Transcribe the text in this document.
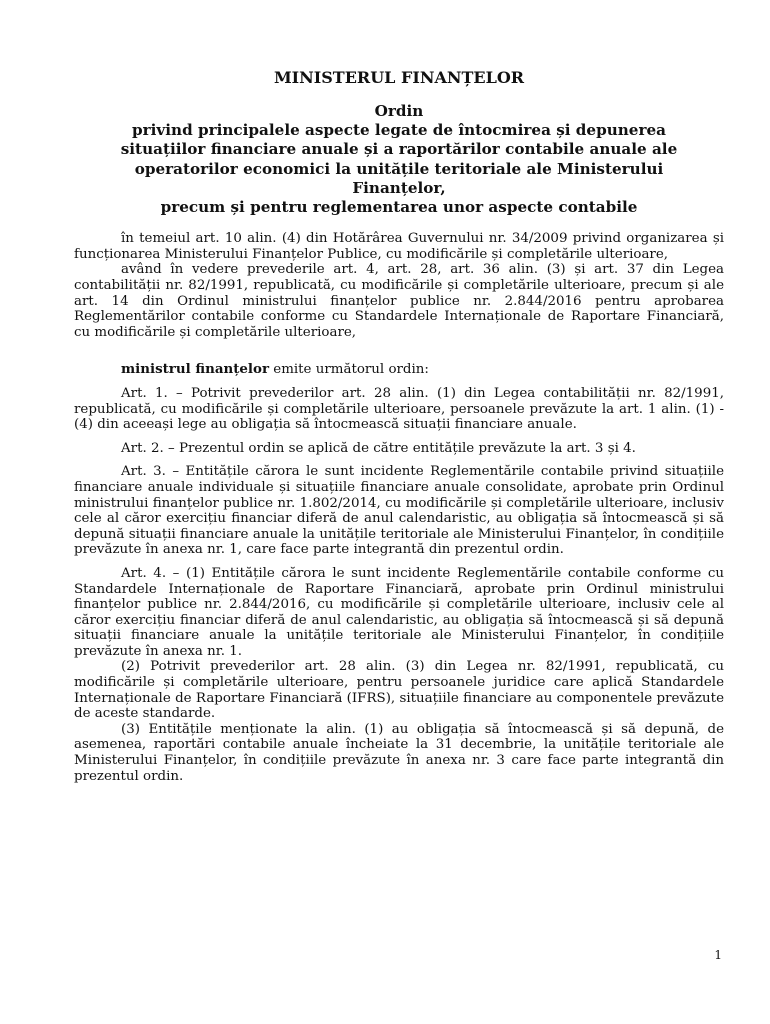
MINISTERUL FINANȚELOR
Ordin
privind principalele aspecte legate de întocmirea și depunerea
situațiilor financiare anuale și a raportărilor contabile anuale ale
operatorilor economici la unitățile teritoriale ale Ministerului
Finanțelor,
precum și pentru reglementarea unor aspecte contabile

în temeiul art. 10 alin. (4) din Hotărârea Guvernului nr. 34/2009 privind organizarea și funcționarea Ministerului Finanțelor Publice, cu modificările și completările ulterioare,

având în vedere prevederile art. 4, art. 28, art. 36 alin. (3) și art. 37 din Legea contabilității nr. 82/1991, republicată, cu modificările și completările ulterioare, precum și ale art. 14 din Ordinul ministrului finanțelor publice nr. 2.844/2016 pentru aprobarea Reglementărilor contabile conforme cu Standardele Internaționale de Raportare Financiară, cu modificările și completările ulterioare,

ministrul finanțelor emite următorul ordin:

Art. 1. – Potrivit prevederilor art. 28 alin. (1) din Legea contabilității nr. 82/1991, republicată, cu modificările și completările ulterioare, persoanele prevăzute la art. 1 alin. (1) - (4) din aceeași lege au obligația să întocmească situații financiare anuale.

Art. 2. – Prezentul ordin se aplică de către entitățile prevăzute la art. 3 și 4.

Art. 3. – Entitățile cărora le sunt incidente Reglementările contabile privind situațiile financiare anuale individuale și situațiile financiare anuale consolidate, aprobate prin Ordinul ministrului finanțelor publice nr. 1.802/2014, cu modificările și completările ulterioare, inclusiv cele al căror exercițiu financiar diferă de anul calendaristic, au obligația să întocmească și să depună situații financiare anuale la unitățile teritoriale ale Ministerului Finanțelor, în condițiile prevăzute în anexa nr. 1, care face parte integrantă din prezentul ordin.

Art. 4. – (1) Entitățile cărora le sunt incidente Reglementările contabile conforme cu Standardele Internaționale de Raportare Financiară, aprobate prin Ordinul ministrului finanțelor publice nr. 2.844/2016, cu modificările și completările ulterioare, inclusiv cele al căror exercițiu financiar diferă de anul calendaristic, au obligația să întocmească și să depună situații financiare anuale la unitățile teritoriale ale Ministerului Finanțelor, în condițiile prevăzute în anexa nr. 1.

(2) Potrivit prevederilor art. 28 alin. (3) din Legea nr. 82/1991, republicată, cu modificările și completările ulterioare, pentru persoanele juridice care aplică Standardele Internaționale de Raportare Financiară (IFRS), situațiile financiare au componentele prevăzute de aceste standarde.

(3) Entitățile menționate la alin. (1) au obligația să întocmească și să depună, de asemenea, raportări contabile anuale încheiate la 31 decembrie, la unitățile teritoriale ale Ministerului Finanțelor, în condițiile prevăzute în anexa nr. 3 care face parte integrantă din prezentul ordin.

1
